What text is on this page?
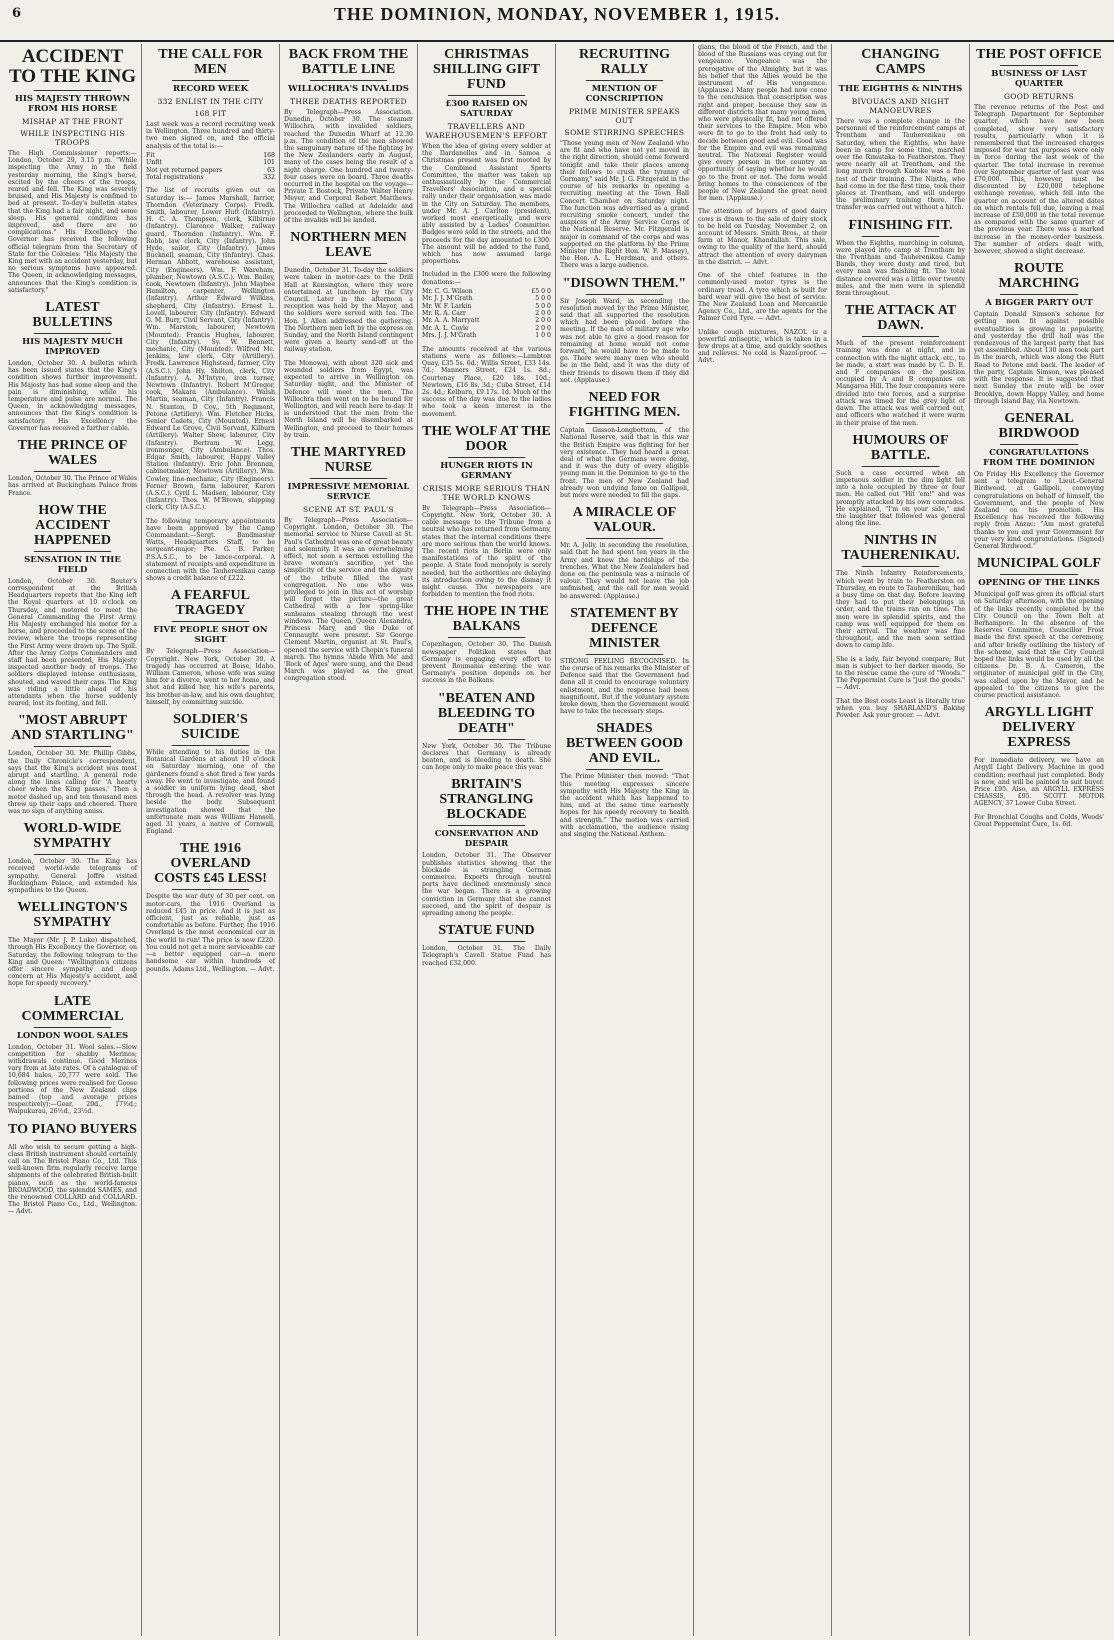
6	THE DOMINION, MONDAY, NOVEMBER 1, 1915.
ACCIDENT TO THE KING
HIS MAJESTY THROWN FROM HIS HORSE
MISHAP AT THE FRONT
WHILE INSPECTING HIS TROOPS

The High Commissioner reports:— London, October 29, 3.15 p.m. "While inspecting the Army in the field yesterday morning, the King's horse, excited by the cheers of the troops, reared and fell. The King was severely bruised, and His Majesty is confined to bed at present. To-day's bulletin states that the King had a fair night, and some sleep. His general condition has improved, and there are no complications." His Excellency the Governor has received the following official telegram from the Secretary of State for the Colonies: "His Majesty the King met with an accident yesterday, but no serious symptoms have appeared. The Queen, in acknowledging messages, announces that the King's condition is satisfactory."

LATEST BULLETINS
HIS MAJESTY MUCH IMPROVED

London, October 30. A bulletin which has been issued states that the King's condition shows further improvement. His Majesty has had some sleep and the pain is diminishing, while his temperature and pulse are normal. The Queen, in acknowledging messages, announces that the King's condition is satisfactory. His Excellency the Governor has received a further cable.

THE PRINCE OF WALES

London, October 30. The Prince of Wales has arrived at Buckingham Palace from France.

HOW THE ACCIDENT HAPPENED
SENSATION IN THE FIELD

London, October 30. Reuter's correspondent at the British Headquarters reports that the King left the Royal quarters at 10 o'clock on Thursday, and motored to meet the General Commanding the First Army. His Majesty exchanged his motor for a horse, and proceeded to the scene of the review, where the troops representing the First Army were drawn up. The Spill. After the Army Corps Commanders and staff had been presented, His Majesty inspected another body of troops. The soldiers displayed intense enthusiasm, shouted, and waved their caps. The King was riding a little ahead of his attendants when the horse suddenly reared, lost its footing, and fell.

"MOST ABRUPT AND STARTLING"

London, October 30. Mr. Phillip Gibbs, the Daily Chronicle's correspondent, says that the King's accident was most abrupt and startling. A general rode along the lines calling for 'A hearty cheer when the King passes.' Then a motor dashed up, and ten thousand men threw up their caps and cheered. There was no sign of anything amiss.

WORLD-WIDE SYMPATHY

London, October 30. The King has received world-wide telegrams of sympathy. General Joffre visited Buckingham Palace, and extended his sympathies to the Queen.

WELLINGTON'S SYMPATHY

The Mayor (Mr. J. P. Luke) dispatched, through His Excellency the Governor, on Saturday, the following telegram to the King and Queen: "Wellington's citizens offer sincere sympathy and deep concern at His Majesty's accident, and hope for speedy recovery."

LATE COMMERCIAL
LONDON WOOL SALES

London, October 31. Wool sales.—Slow competition for shabby Merinos; withdrawals continue. Good Merinos vary from at late rates. Of a catalogue of 10,684 bales, 20,777 were sold. The following prices were realised for Goose portions of the New Zealand clips named (top and average prices respectively):—Gear, 20d., 17½d.; Waipukurau, 26½d., 23½d.

TO PIANO BUYERS

All who wish to secure getting a high-class British instrument should certainly call on The Bristol Piano Co., Ltd. This well-known firm regularly receive large shipments of the celebrated British-built pianos, such as the world-famous BROADWOOD, the splendid SAMES, and the renowned COLLARD and COLLARD. The Bristol Piano Co., Ltd., Wellington. — Advt.

THE CALL FOR MEN
RECORD WEEK
332 ENLIST IN THE CITY
168 FIT

Last week was a record recruiting week in Wellington. Three hundred and thirty-two men signed on, and the official analysis of the total is:—

Fit	168
Unfit	101
Not yet returned papers	63
Total registrations	332

The list of recruits given out on Saturday is:— James Marshall, farrier, Thorndon (Veterinary Corps). Fredk. Smith, labourer, Lower Hutt (Infantry). H. C. A. Thompson, clerk, Kilbirnie (Infantry). Clarence Walker, railway guard, Thorndon (Infantry). Wm. F. Robb, law clerk, City (Infantry). John Hyde, sailor, City (Infantry). James Bucknell, seaman, City (Infantry). Chas. Herman Abbott, warehouse assistant, City (Engineers). Wm. F. Wareham, plumber, Newtown (A.S.C.). Wm. Bailey, cook, Newtown (Infantry). John Maybee Hamilton, carpenter, Wellington (Infantry). Arthur Edward Wilkins, shepherd, City (Infantry). Ernest L. Lovell, labourer, City (Infantry). Edward G. M. Burr, Civil Servant, City (Infantry). Wm. Marston, labourer, Newtown (Mounted). Francis Hughes, labourer, City (Infantry). Sy. W. Bennett, mechanic, City (Mounted). Wilfred Mc. Jenkins, law clerk, City (Artillery). Fredk. Lawrence Highstead, farmer, City (A.S.C.). John Hy. Shilton, clerk, City (Infantry). A. M'Intyre, iron turner, Newtown (Infantry). Robert M'Gregor, cook, Makara (Ambulance). Walsh Martin, seaman, City (Infantry). Francis N. Stanton, D Coy., 5th Regiment, Petone (Artillery). Wm. Fletcher Hicks, Senior Cadets, City (Mounted). Ernest Edward Le Grove, Civil Servant, Kilburn (Artillery). Walter Show, labourer, City (Infantry). Bertram W. Legg, ironmonger, City (Ambulance). Thos. Edgar Smith, labourer, Happy Valley Station (Infantry). Eric John Brennan, cabinetmaker, Newtown (Artillery). Wm. Cowley, line-mechanic, City (Engineers). Ferner Brown, farm labourer, Karori (A.S.C.). Cyril L. Madsen, labourer, City (Infantry). Thos. W. M'Brown, shipping clerk, City (A.S.C.).

The following temporary appointments have been approved by the Camp Commandant:—Sergt. Bandmaster Watts, Headquarters Staff, to be sergeant-major; Pte. G. B. Parker, P.S.A.S.C., to be lance-corporal. A statement of receipts and expenditure in connection with the Tauherenikau camp shows a credit balance of £222.

A FEARFUL TRAGEDY
FIVE PEOPLE SHOT ON SIGHT

By Telegraph—Press Association—Copyright. New York, October 30. A tragedy has occurred at Boise, Idaho. William Cameron, whose wife was suing him for a divorce, went to her home, and shot and killed her, his wife's parents, his brother-in-law, and his own daughter, himself, by committing suicide.

SOLDIER'S SUICIDE

While attending to his duties in the Botanical Gardens at about 10 o'clock on Saturday morning, one of the gardeners found a shot fired a few yards away. He went to investigate, and found a soldier in uniform lying dead, shot through the head. A revolver was lying beside the body. Subsequent investigation showed that the unfortunate man was William Hansell, aged 31 years, a native of Cornwall, England.

THE 1916 OVERLAND COSTS £45 LESS!

Despite the war duty of 30 per cent. on motor-cars, the 1916 Overland is reduced £45 in price. And it is just as efficient, just as reliable, just as comfortable as before. Further, the 1916 Overland is the most economical car in the world to run! The price is now £220. You could not get a more serviceable car—a better equipped car—a more handsome car within hundreds of pounds. Adams Ltd., Wellington. — Advt.

BACK FROM THE BATTLE LINE
WILLOCHRA'S INVALIDS
THREE DEATHS REPORTED

By Telegraph—Press Association. Dunedin, October 30. The steamer Willochra, with invalided soldiers, reached the Dunedin Wharf at 12.30 p.m. The condition of the men showed the sanguinary nature of the fighting by the New Zealanders early in August, many of the cases being the result of a night charge. One hundred and twenty-four cases were on board. Three deaths occurred in the hospital on the voyage—Private T. Bostock, Private Walter Henry Meyer, and Corporal Robert Matthews. The Willochra called at Adelaide and proceeded to Wellington, where the bulk of the invalids will be landed.

NORTHERN MEN LEAVE

Dunedin, October 31. To-day the soldiers were taken in motor-cars to the Drill Hall at Kensington, where they were entertained at luncheon by the City Council. Later in the afternoon a reception was held by the Mayor, and the soldiers were served with tea. The Hon. J. Allen addressed the gathering. The Northern men left by the express on Sunday, and the North Island contingent were given a hearty send-off at the railway station.

The Monowai, with about 320 sick and wounded soldiers from Egypt, was expected to arrive in Wellington on Saturday night, and the Minister of Defence will meet the men. The Willochra then went on to be bound for Wellington, and will reach here to-day. It is understood that the men from the North Island will be disembarked at Wellington, and proceed to their homes by train.

THE MARTYRED NURSE
IMPRESSIVE MEMORIAL SERVICE
SCENE AT ST. PAUL'S

By Telegraph—Press Association—Copyright. London, October 30. The memorial service to Nurse Cavell at St. Paul's Cathedral was one of great beauty and solemnity. It was an overwhelming effect, not soon a sermon extolling the brave woman's sacrifice, yet the simplicity of the service and the dignity of the tribute filled the vast congregation. No one who was privileged to join in this act of worship will forget the picture—the great Cathedral with a few spring-like sunbeams stealing through the west windows. The Queen, Queen Alexandra, Princess Mary, and the Duke of Connaught were present. Sir George Clement Martin, organist at St. Paul's, opened the service with Chopin's funeral march. The hymns 'Abide With Me' and 'Rock of Ages' were sung, and the Dead March was played as the great congregation stood.

CHRISTMAS SHILLING GIFT FUND
£300 RAISED ON SATURDAY
TRAVELLERS AND WAREHOUSEMEN'S EFFORT

When the idea of giving every soldier at the Dardanelles and in Samoa a Christmas present was first mooted by the Combined Assistant Sports Committee, the matter was taken up enthusiastically by the Commercial Travellers' Association, and a special rally under their organisation was made in the City on Saturday. The members, under Mr. A. J. Carlton (president), worked most energetically, and were ably assisted by a Ladies' Committee. Badges were sold in the streets, and the proceeds for the day amounted to £300. The amount will be added to the fund, which has now assumed large proportions.

Included in the £300 were the following donations:—

Mr. C. G. Wilson	£5 0 0
Mr. J. J. M'Grath	5 0 0
Mr. W. F. Larkin	5 0 0
Mr. R. A. Carr	2 0 0
Mr. A. A. Marryatt	2 0 0
Mr. A. L. Coyle	2 0 0
Mrs. J. J. M'Grath	1 0 0

The amounts received at the various stations were as follows:—Lambton Quay, £35 5s. 6d.; Willis Street, £33 14s. 7d.; Manners Street, £24 1s. 8d.; Courtenay Place, £20 18s. 10d.; Newtown, £16 8s. 3d.; Cuba Street, £14 2s. 4d.; Kelburn, £9 17s. 1d. Much of the success of the day was due to the ladies who took a keen interest in the movement.

THE WOLF AT THE DOOR
HUNGER RIOTS IN GERMANY
CRISIS MORE SERIOUS THAN THE WORLD KNOWS

By Telegraph—Press Association—Copyright. New York, October 30. A cable message to the Tribune from a neutral who has returned from Germany, states that the internal conditions there are more serious than the world knows. The recent riots in Berlin were only manifestations of the spirit of the people. A State food monopoly is sorely needed, but the authorities are delaying its introduction owing to the dismay it might cause. The newspapers are forbidden to mention the food riots.

THE HOPE IN THE BALKANS

Copenhagen, October 30. The Danish newspaper Politiken states that Germany is engaging every effort to prevent Roumania entering the war. Germany's position depends on her success in the Balkans.

"BEATEN AND BLEEDING TO DEATH"

New York, October 30. The Tribune declares that Germany is already beaten, and is bleeding to death. She can hope only to make peace this year.

BRITAIN'S STRANGLING BLOCKADE
CONSERVATION AND DESPAIR

London, October 31. The Observer publishes statistics showing that the blockade is strangling German commerce. Exports through neutral ports have declined enormously since the war began. There is a growing conviction in Germany that she cannot succeed, and the spirit of despair is spreading among the people.

STATUE FUND

London, October 31. The Daily Telegraph's Cavell Statue Fund has reached £32,000.

RECRUITING RALLY
MENTION OF CONSCRIPTION
PRIME MINISTER SPEAKS OUT
SOME STIRRING SPEECHES

"Those young men of New Zealand who are fit and who have not yet moved in the right direction, should come forward tonight and take their places among their fellows to crush the tyranny of Germany," said Mr. J. G. Fitzgerald in the course of his remarks in opening a recruiting meeting at the Town Hall Concert Chamber on Saturday night. The function was advertised as a grand recruiting smoke concert, under the auspices of the Army Service Corps of the National Reserve. Mr. Fitzgerald is major in command of the corps and was supported on the platform by the Prime Minister (the Right Hon. W. F. Massey), the Hon. A. L. Herdman, and others. There was a large audience.

"DISOWN THEM."

Sir Joseph Ward, in seconding the resolution moved by the Prime Minister, said that all supported the resolution which had been placed before the meeting. If the man of military age who was not able to give a good reason for remaining at home would not come forward, he would have to be made to go. There were many men who should be in the field, and it was the duty of their friends to disown them if they did not. (Applause.)

NEED FOR FIGHTING MEN.

Captain Gasson-Longbottom, of the National Reserve, said that in this war the British Empire was fighting for her very existence. They had heard a great deal of what the Germans were doing, and it was the duty of every eligible young man in the Dominion to go to the front. The men of New Zealand had already won undying fame on Gallipoli, but more were needed to fill the gaps.

A MIRACLE OF VALOUR.

Mr. A. Jolly, in seconding the resolution, said that he had spent ten years in the Army and knew the hardships of the trenches. What the New Zealanders had done on the peninsula was a miracle of valour. They would not leave the job unfinished, and the call for men would be answered. (Applause.)

STATEMENT BY DEFENCE MINISTER

STRONG FEELING RECOGNISED. In the course of his remarks the Minister of Defence said that the Government had done all it could to encourage voluntary enlistment, and the response had been magnificent. But if the voluntary system broke down, then the Government would have to take the necessary steps.

SHADES BETWEEN GOOD AND EVIL.

The Prime Minister then moved: "That this meeting expresses sincere sympathy with His Majesty the King in the accident which has happened to him, and at the same time earnestly hopes for his speedy recovery to health and strength." The motion was carried with acclamation, the audience rising and singing the National Anthem.

gians, the blood of the French, and the blood of the Russians was crying out for vengeance. Vengeance was the prerogative of the Almighty, but it was his belief that the Allies would be the instrument of His vengeance. (Applause.) Many people had now come to the conclusion that conscription was right and proper, because they saw in different districts that many young men, who were physically fit, had not offered their services to the Empire. Men who were fit to go to the front had only to decide between good and evil. Good was for the Empire and evil was remaining neutral. The National Register would give every person in the country an opportunity of saying whether he would go to the front or not. The form would bring homes to the consciences of the people of New Zealand the great need for men. (Applause.)

The attention of buyers of good dairy cows is drawn to the sale of dairy stock to be held on Tuesday, November 2, on account of Messrs. Smith Bros., at their farm at Manor, Khandallah. This sale, owing to the quality of the herd, should attract the attention of every dairyman in the district. — Advt.

One of the chief features in the commonly-used motor tyres is the ordinary tread. A tyre which is built for hard wear will give the best of service. The New Zealand Loan and Mercantile Agency Co., Ltd., are the agents for the Palmer Cord Tyre. — Advt.

Unlike cough mixtures, NAZOL is a powerful antiseptic, which is taken in a few drops at a time, and quickly soothes and relieves. No cold is Nazol-proof. — Advt.

CHANGING CAMPS
THE EIGHTHS & NINTHS
BIVOUACS AND NIGHT MANOEUVRES

There was a complete change in the personnel of the reinforcement camps at Trentham and Tauherenikau on Saturday, when the Eighths, who have been in camp for some time, marched over the Rimutaka to Featherston. They were nearly all at Trentham, and the long march through Kaitoke was a fine test of their training. The Ninths, who had come in for the first time, took their places at Trentham, and will undergo the preliminary training there. The transfer was carried out without a hitch.

FINISHING FIT.

When the Eighths, marching in column, were played into camp at Trentham by the Trentham and Tauherenikau Camp Bands, they were dusty and tired, but every man was finishing fit. The total distance covered was a little over twenty miles, and the men were in splendid form throughout.

THE ATTACK AT DAWN.

Much of the present reinforcement training was done at night, and in connection with the night attack, etc., to be made, a start was made by C. D. E. and F companies on the position occupied by A and B companies on Mangaroa Hill. The four companies were divided into two forces, and a surprise attack was timed for the grey light of dawn. The attack was well carried out, and officers who watched it were warm in their praise of the men.

HUMOURS OF BATTLE.

Such a case occurred when an impetuous soldier in the dim light fell into a hole occupied by three or four men. He called out "Hit 'em!" and was promptly attacked by his own comrades. He explained, "I'm on your side," and the laughter that followed was general along the line.

NINTHS IN TAUHERENIKAU.

The Ninth Infantry Reinforcements, which went by train to Featherston on Thursday, en route to Tauherenikau, had a busy time on that day. Before leaving they had to put their belongings in order, and the trains ran on time. The men were in splendid spirits, and the camp was well equipped for them on their arrival. The weather was fine throughout, and the men soon settled down to camp life.

She is a lady, fair beyond compare; But man is subject to her darker moods, So to the rescue came the cure of "Woods." The Peppermint Cure is "just the goods." — Advt.

That the Best costs Least is literally true when you buy SHARLAND'S Baking Powder. Ask your grocer. — Advt.

THE POST OFFICE
BUSINESS OF LAST QUARTER
GOOD RETURNS

The revenue returns of the Post and Telegraph Department for September quarter, which have now been completed, show very satisfactory results, particularly when it is remembered that the increased charges imposed for war tax purposes were only in force during the last week of the quarter. The total increase in revenue over September quarter of last year was £70,000. This, however, must be discounted by £20,000 telephone exchange revenue, which fell into the quarter on account of the altered dates on which rentals fell due, leaving a real increase of £50,000 in the total revenue as compared with the same quarter of the previous year. There was a marked increase in the money-order business. The number of orders dealt with, however, showed a slight decrease.

ROUTE MARCHING
A BIGGER PARTY OUT

Captain Donald Simson's scheme for getting men fit against possible eventualities is growing in popularity, and yesterday the drill hall was the rendezvous of the largest party that has yet assembled. About 130 men took part in the march, which was along the Hutt Road to Petone and back. The leader of the party, Captain Simson, was pleased with the response. It is suggested that next Sunday the route will be over Brooklyn, down Happy Valley, and home through Island Bay, via Newtown.

GENERAL BIRDWOOD
CONGRATULATIONS FROM THE DOMINION

On Friday His Excellency the Governor sent a telegram to Lieut.-General Birdwood, at Gallipoli, conveying congratulations on behalf of himself, the Government, and the people of New Zealand on his promotion. His Excellency has received the following reply from Anzac: "Am most grateful thanks to you and your Government for your very kind congratulations. (Signed) General Birdwood."

MUNICIPAL GOLF
OPENING OF THE LINKS

Municipal golf was given its official start on Saturday afternoon, with the opening of the links recently completed by the City Council on the Town Belt at Berhampore. In the absence of the Reserves Committee, Councillor Frost made the first speech at the ceremony, and after briefly outlining the history of the scheme, said that the City Council hoped the links would be used by all the citizens. Dr. B. A. Cameron, the originator of municipal golf in the City, was called upon by the Mayor, and he appealed to the citizens to give the course practical assistance.

ARGYLL LIGHT DELIVERY EXPRESS

For immediate delivery, we have an Argyll Light Delivery. Machine in good condition; overhaul just completed. Body is new, and will be painted to suit buyer. Price £95. Also, an ARGYLL EXPRESS CHASSIS, £95. SCOTT MOTOR AGENCY, 37 Lower Cuba Street.

For Bronchial Coughs and Colds, Woods' Great Peppermint Cure, 1s. 6d.
